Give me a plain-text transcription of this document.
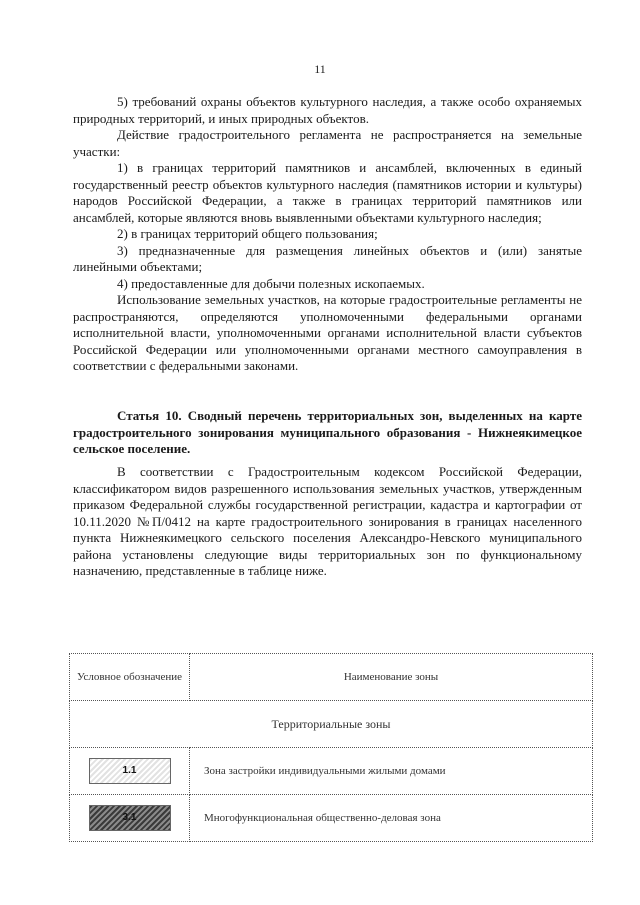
11

5) требований охраны объектов культурного наследия, а также особо охраняемых природных территорий, и иных природных объектов.

Действие градостроительного регламента не распространяется на земельные участки:

1) в границах территорий памятников и ансамблей, включенных в единый государственный реестр объектов культурного наследия (памятников истории и культуры) народов Российской Федерации, а также в границах территорий памятников или ансамблей, которые являются вновь выявленными объектами культурного наследия;

2) в границах территорий общего пользования;

3) предназначенные для размещения линейных объектов и (или) занятые линейными объектами;

4) предоставленные для добычи полезных ископаемых.

Использование земельных участков, на которые градостроительные регламенты не распространяются, определяются уполномоченными федеральными органами исполнительной власти, уполномоченными органами исполнительной власти субъектов Российской Федерации или уполномоченными органами местного самоуправления в соответствии с федеральными законами.

Статья 10. Сводный перечень территориальных зон, выделенных на карте градостроительного зонирования муниципального образования - Нижнеякимецкое сельское поселение.

В соответствии с Градостроительным кодексом Российской Федерации, классификатором видов разрешенного использования земельных участков, утвержденным приказом Федеральной службы государственной регистрации, кадастра и картографии от 10.11.2020 №П/0412 на карте градостроительного зонирования в границах населенного пункта Нижнеякимецкого сельского поселения Александро-Невского муниципального района установлены следующие виды территориальных зон по функциональному назначению, представленные в таблице ниже.

Условное обозначение	Наименование зоны
Территориальные зоны	
1.1	Зона застройки индивидуальными жилыми домами
3.1	Многофункциональная общественно-деловая зона
